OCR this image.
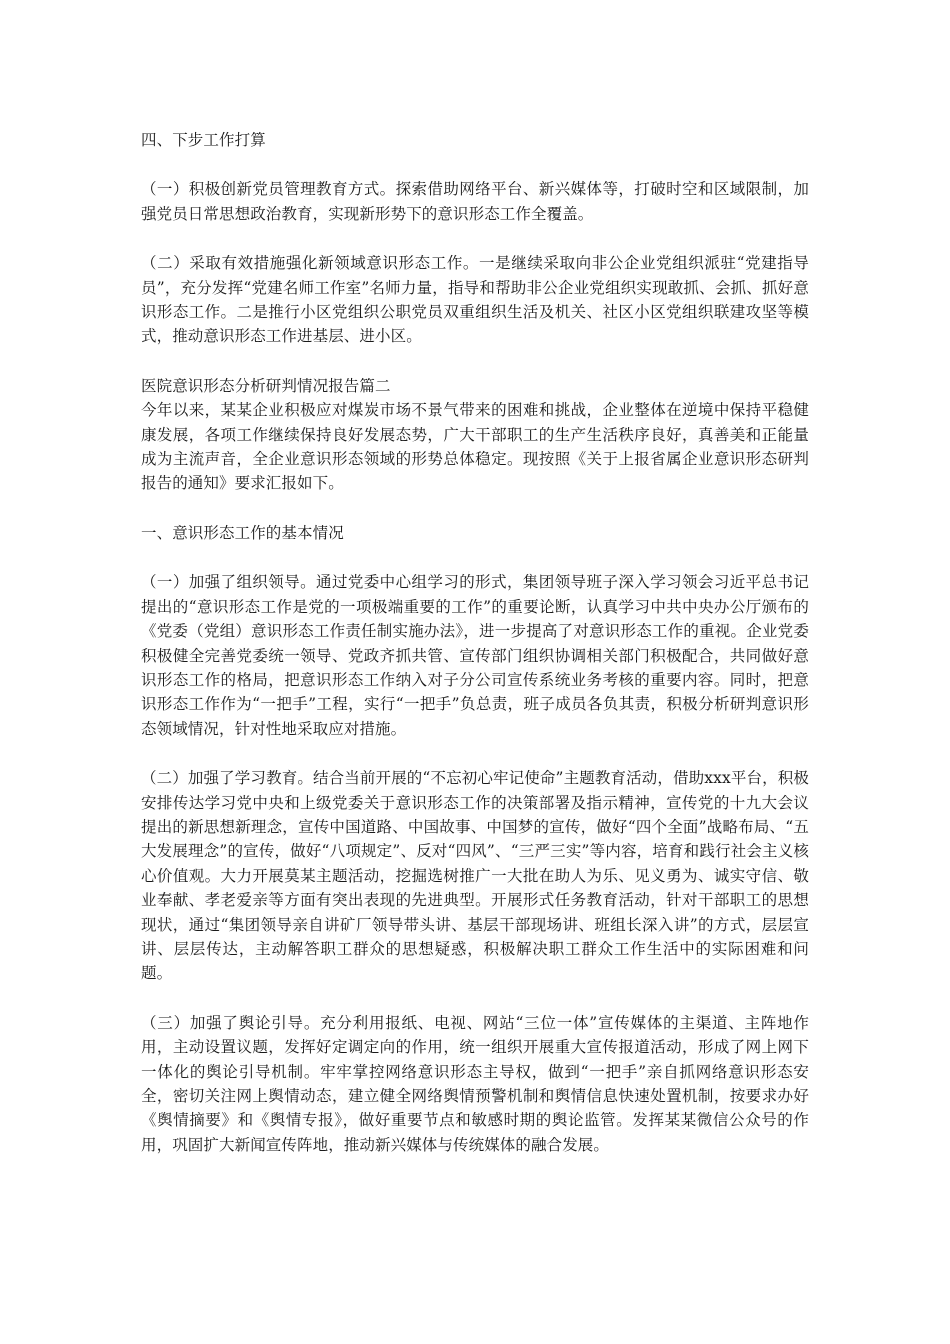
四、下步工作打算

（一）积极创新党员管理教育方式。探索借助网络平台、新兴媒体等，打破时空和区域限制，加强党员日常思想政治教育，实现新形势下的意识形态工作全覆盖。

（二）采取有效措施强化新领域意识形态工作。一是继续采取向非公企业党组织派驻“党建指导员”，充分发挥“党建名师工作室”名师力量，指导和帮助非公企业党组织实现敢抓、会抓、抓好意识形态工作。二是推行小区党组织公职党员双重组织生活及机关、社区小区党组织联建攻坚等模式，推动意识形态工作进基层、进小区。

医院意识形态分析研判情况报告篇二

今年以来，某某企业积极应对煤炭市场不景气带来的困难和挑战，企业整体在逆境中保持平稳健康发展，各项工作继续保持良好发展态势，广大干部职工的生产生活秩序良好，真善美和正能量成为主流声音，全企业意识形态领域的形势总体稳定。现按照《关于上报省属企业意识形态研判报告的通知》要求汇报如下。

一、意识形态工作的基本情况

（一）加强了组织领导。通过党委中心组学习的形式，集团领导班子深入学习领会习近平总书记提出的“意识形态工作是党的一项极端重要的工作”的重要论断，认真学习中共中央办公厅颁布的《党委（党组）意识形态工作责任制实施办法》，进一步提高了对意识形态工作的重视。企业党委积极健全完善党委统一领导、党政齐抓共管、宣传部门组织协调相关部门积极配合，共同做好意识形态工作的格局，把意识形态工作纳入对子分公司宣传系统业务考核的重要内容。同时，把意识形态工作作为“一把手”工程，实行“一把手”负总责，班子成员各负其责，积极分析研判意识形态领域情况，针对性地采取应对措施。

（二）加强了学习教育。结合当前开展的“不忘初心牢记使命”主题教育活动，借助xxx平台，积极安排传达学习党中央和上级党委关于意识形态工作的决策部署及指示精神，宣传党的十九大会议提出的新思想新理念，宣传中国道路、中国故事、中国梦的宣传，做好“四个全面”战略布局、“五大发展理念”的宣传，做好“八项规定”、反对“四风”、“三严三实”等内容，培育和践行社会主义核心价值观。大力开展莫某主题活动，挖掘选树推广一大批在助人为乐、见义勇为、诚实守信、敬业奉献、孝老爱亲等方面有突出表现的先进典型。开展形式任务教育活动，针对干部职工的思想现状，通过“集团领导亲自讲矿厂领导带头讲、基层干部现场讲、班组长深入讲”的方式，层层宣讲、层层传达，主动解答职工群众的思想疑惑，积极解决职工群众工作生活中的实际困难和问题。

（三）加强了舆论引导。充分利用报纸、电视、网站“三位一体”宣传媒体的主渠道、主阵地作用，主动设置议题，发挥好定调定向的作用，统一组织开展重大宣传报道活动，形成了网上网下一体化的舆论引导机制。牢牢掌控网络意识形态主导权，做到“一把手”亲自抓网络意识形态安全，密切关注网上舆情动态，建立健全网络舆情预警机制和舆情信息快速处置机制，按要求办好《舆情摘要》和《舆情专报》，做好重要节点和敏感时期的舆论监管。发挥某某微信公众号的作用，巩固扩大新闻宣传阵地，推动新兴媒体与传统媒体的融合发展。
